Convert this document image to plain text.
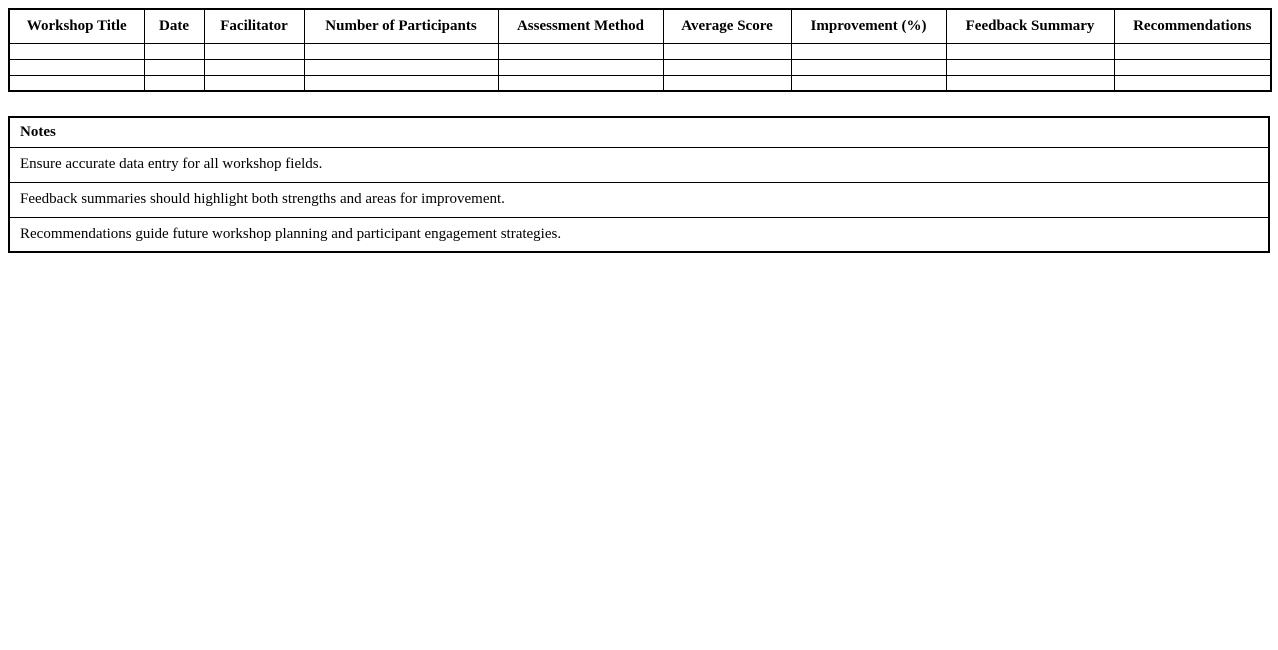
Workshop Title	Date	Facilitator	Number of Participants	Assessment Method	Average Score	Improvement (%)	Feedback Summary	Recommendations

Notes
Ensure accurate data entry for all workshop fields.
Feedback summaries should highlight both strengths and areas for improvement.
Recommendations guide future workshop planning and participant engagement strategies.
